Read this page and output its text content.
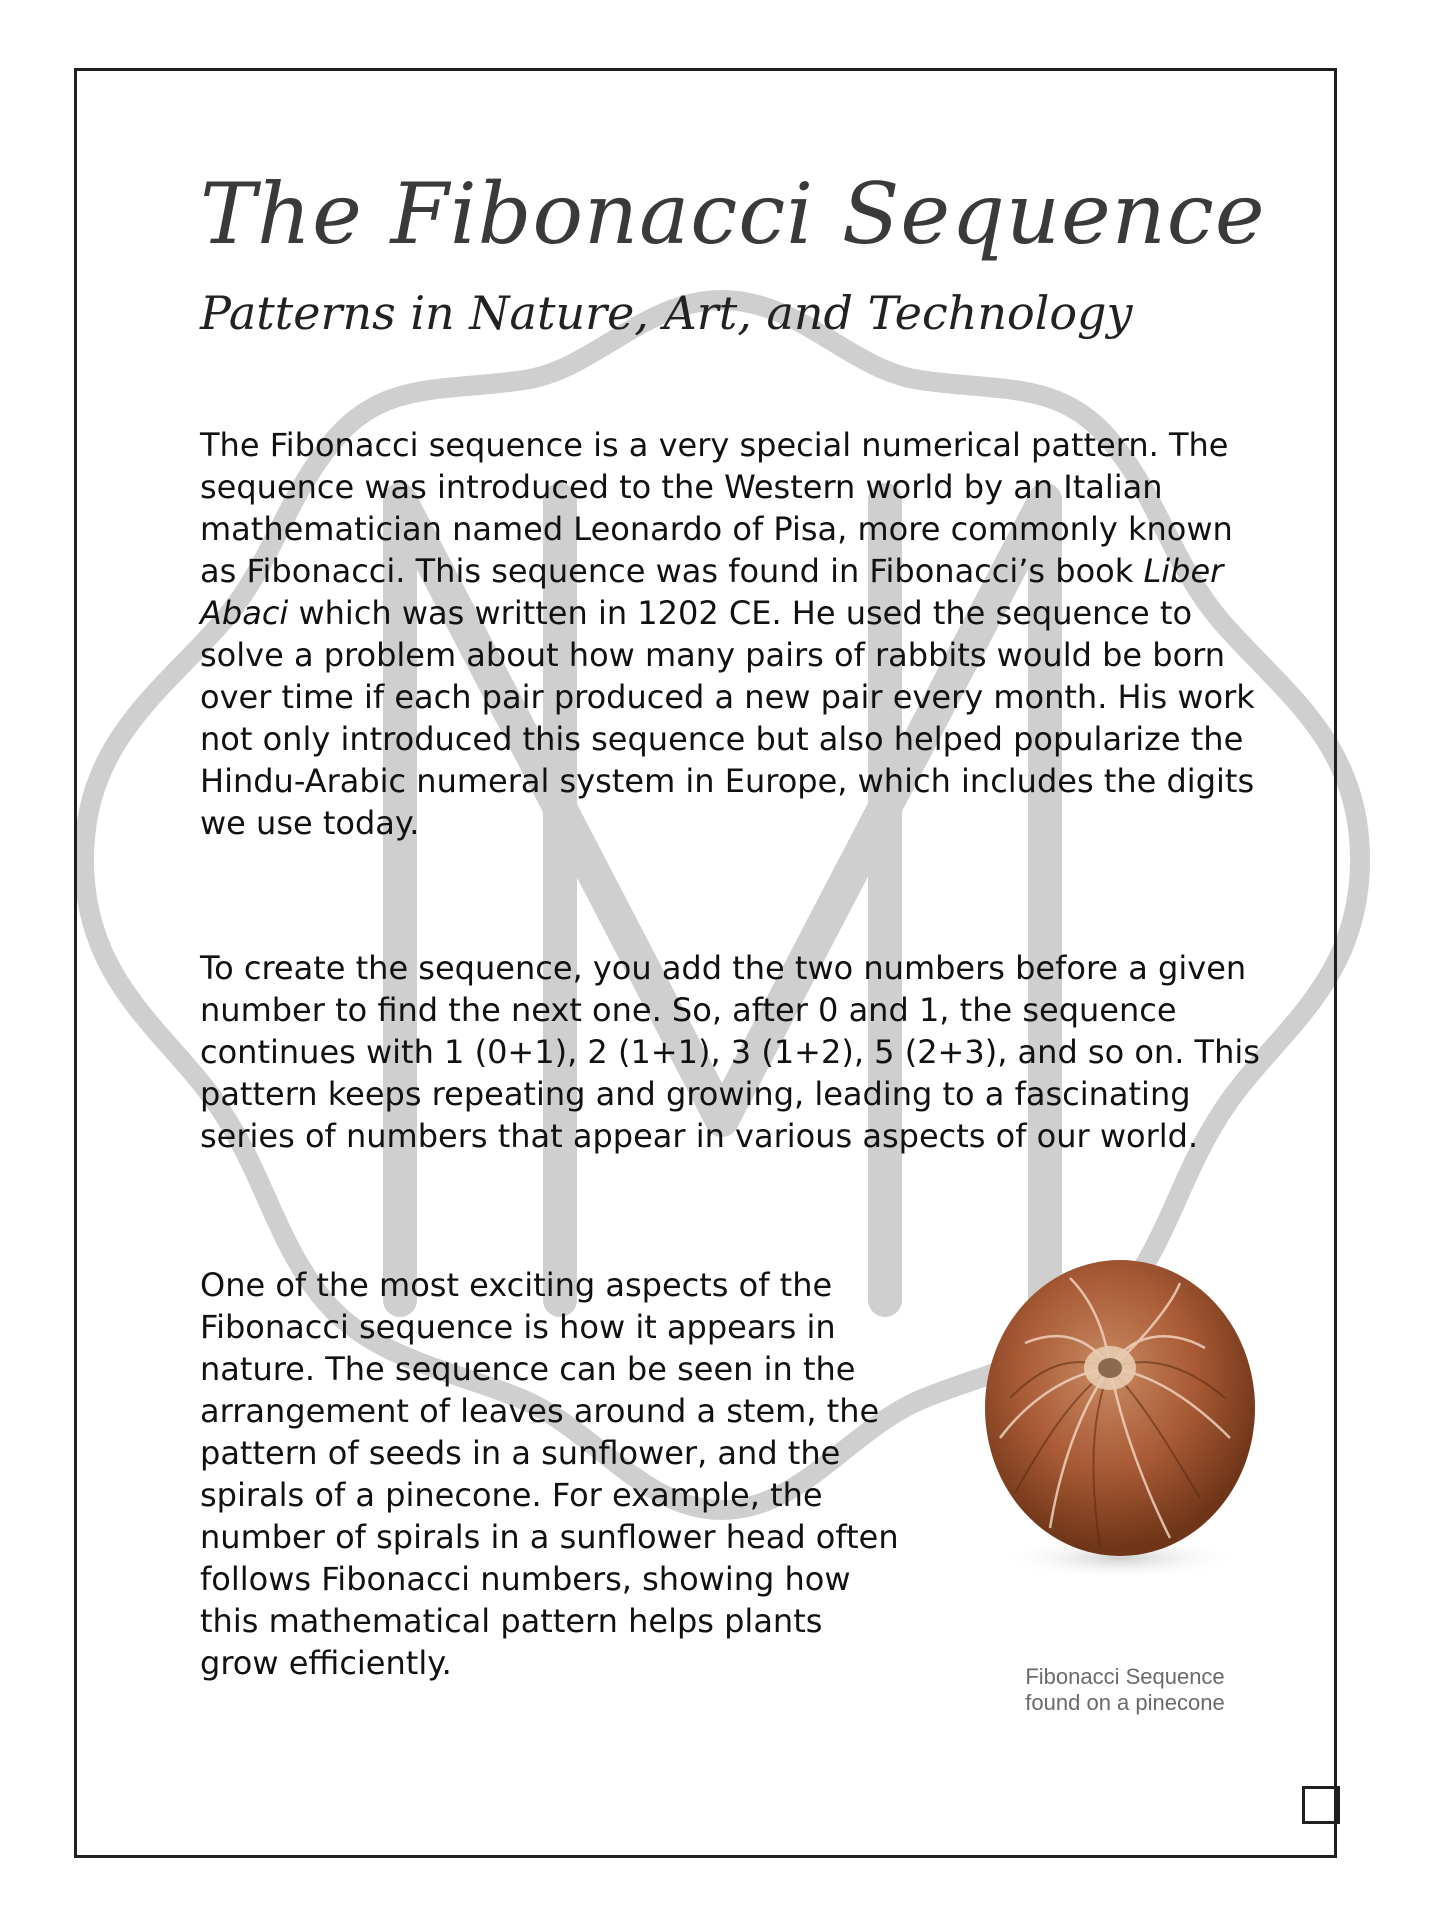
The Fibonacci Sequence
Patterns in Nature, Art, and Technology

The Fibonacci sequence is a very special numerical pattern. The sequence was introduced to the Western world by an Italian mathematician named Leonardo of Pisa, more commonly known as Fibonacci. This sequence was found in Fibonacci’s book Liber Abaci which was written in 1202 CE. He used the sequence to solve a problem about how many pairs of rabbits would be born over time if each pair produced a new pair every month. His work not only introduced this sequence but also helped popularize the Hindu-Arabic numeral system in Europe, which includes the digits we use today.

To create the sequence, you add the two numbers before a given number to find the next one. So, after 0 and 1, the sequence continues with 1 (0+1), 2 (1+1), 3 (1+2), 5 (2+3), and so on. This pattern keeps repeating and growing, leading to a fascinating series of numbers that appear in various aspects of our world.

One of the most exciting aspects of the Fibonacci sequence is how it appears in nature. The sequence can be seen in the arrangement of leaves around a stem, the pattern of seeds in a sunflower, and the spirals of a pinecone. For example, the number of spirals in a sunflower head often follows Fibonacci numbers, showing how this mathematical pattern helps plants grow efficiently.	Fibonacci Sequence
found on a pinecone
